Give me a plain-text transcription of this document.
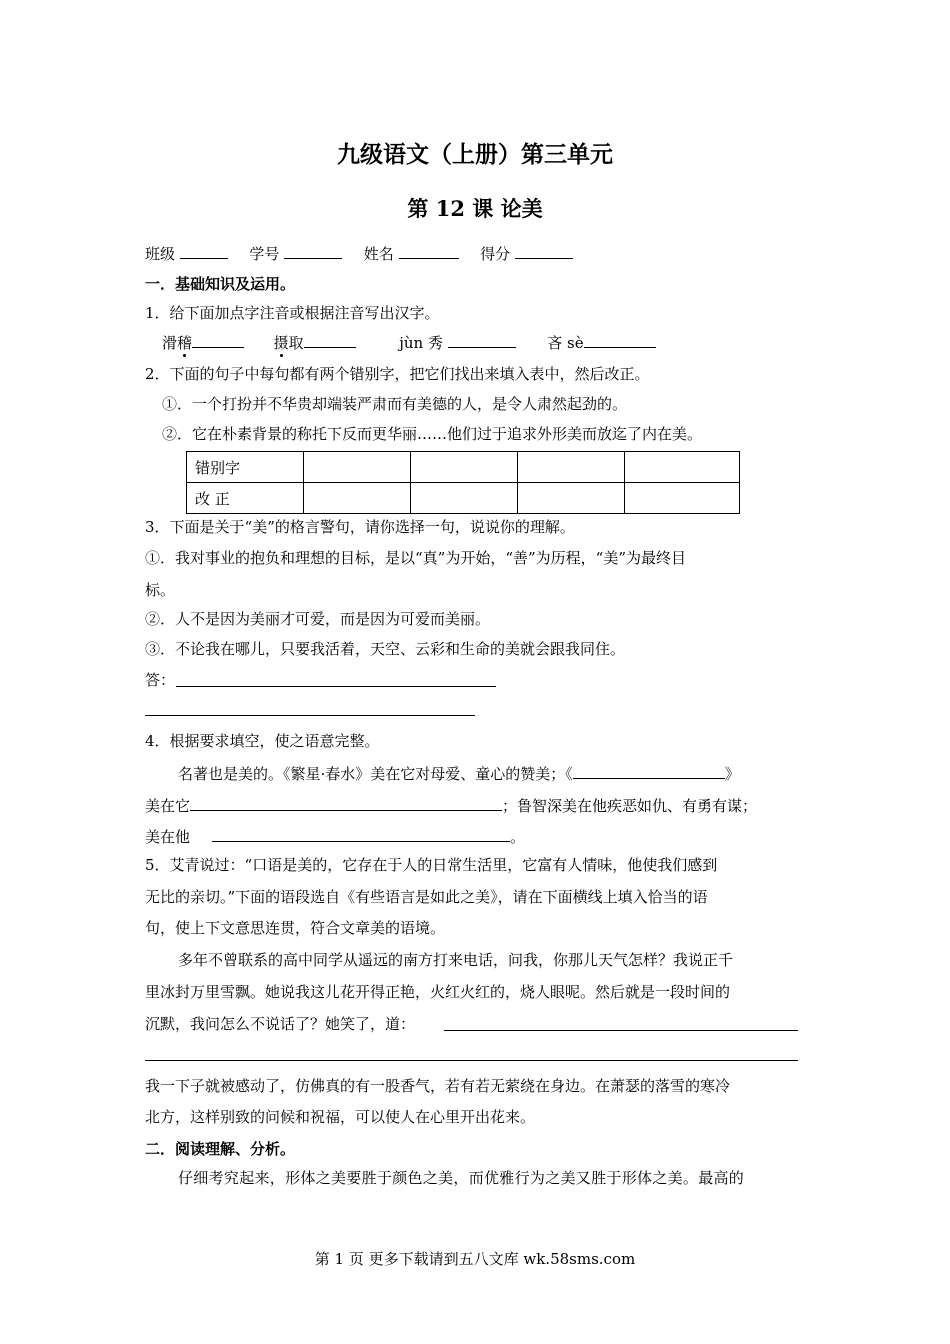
九级语文（上册）第三单元
第 12 课 论美
班级	学号	姓名	得分
一．基础知识及运用。
1．给下面加点字注音或根据注音写出汉字。
滑稽	摄取	jùn 秀	吝 sè
2．下面的句子中每句都有两个错别字，把它们找出来填入表中，然后改正。
①．一个打扮并不华贵却端装严肃而有美德的人，是令人肃然起劲的。
②．它在朴素背景的称托下反而更华丽……他们过于追求外形美而放迄了内在美。
错别字				
改 正				
3．下面是关于“美”的格言警句，请你选择一句，说说你的理解。
①．我对事业的抱负和理想的目标，是以“真”为开始，“善”为历程，“美”为最终目
标。
②．人不是因为美丽才可爱，而是因为可爱而美丽。
③．不论我在哪儿，只要我活着，天空、云彩和生命的美就会跟我同住。
答：
4．根据要求填空，使之语意完整。
名著也是美的。《繁星·春水》美在它对母爱、童心的赞美；《	》
美在它	；鲁智深美在他疾恶如仇、有勇有谋；
美在他	。
5．艾青说过：“口语是美的，它存在于人的日常生活里，它富有人情味，他使我们感到
无比的亲切。”下面的语段选自《有些语言是如此之美》，请在下面横线上填入恰当的语
句，使上下文意思连贯，符合文章美的语境。
多年不曾联系的高中同学从遥远的南方打来电话，问我，你那儿天气怎样？我说正千
里冰封万里雪飘。她说我这儿花开得正艳，火红火红的，烧人眼呢。然后就是一段时间的
沉默，我问怎么不说话了？她笑了，道：
我一下子就被感动了，仿佛真的有一股香气，若有若无萦绕在身边。在萧瑟的落雪的寒冷
北方，这样别致的问候和祝福，可以使人在心里开出花来。
二．阅读理解、分析。
仔细考究起来，形体之美要胜于颜色之美，而优雅行为之美又胜于形体之美。最高的
第 1 页 更多下载请到五八文库 wk.58sms.com
